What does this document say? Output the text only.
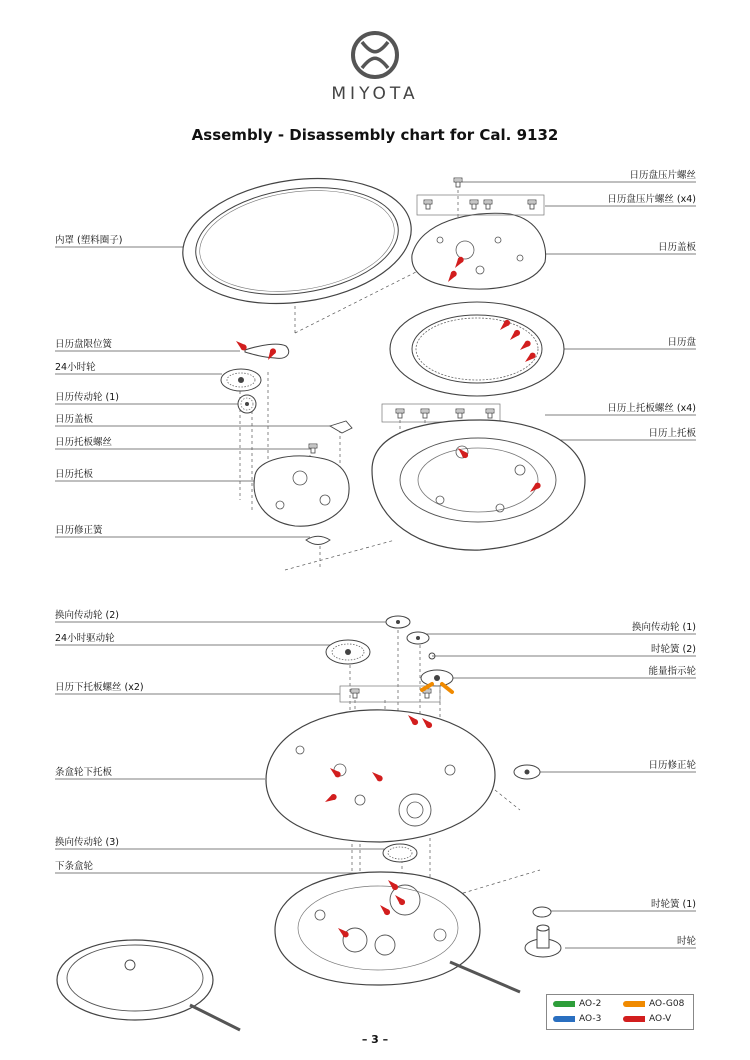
MIYOTA
Assembly - Disassembly chart for Cal. 9132
内罩 (塑料圈子)
日历盘限位簧
24小时轮
日历传动轮 (1)
日历盖板
日历托板螺丝
日历托板
日历修正簧
换向传动轮 (2)
24小时驱动轮
日历下托板螺丝 (x2)
条盒轮下托板
换向传动轮 (3)
下条盒轮
日历盘压片螺丝
日历盘压片螺丝 (x4)
日历盖板
日历盘
日历上托板螺丝 (x4)
日历上托板
换向传动轮 (1)
时轮簧 (2)
能量指示轮
日历修正轮
时轮簧 (1)
时轮
AO-2	AO-G08
AO-3	AO-V
– 3 –
